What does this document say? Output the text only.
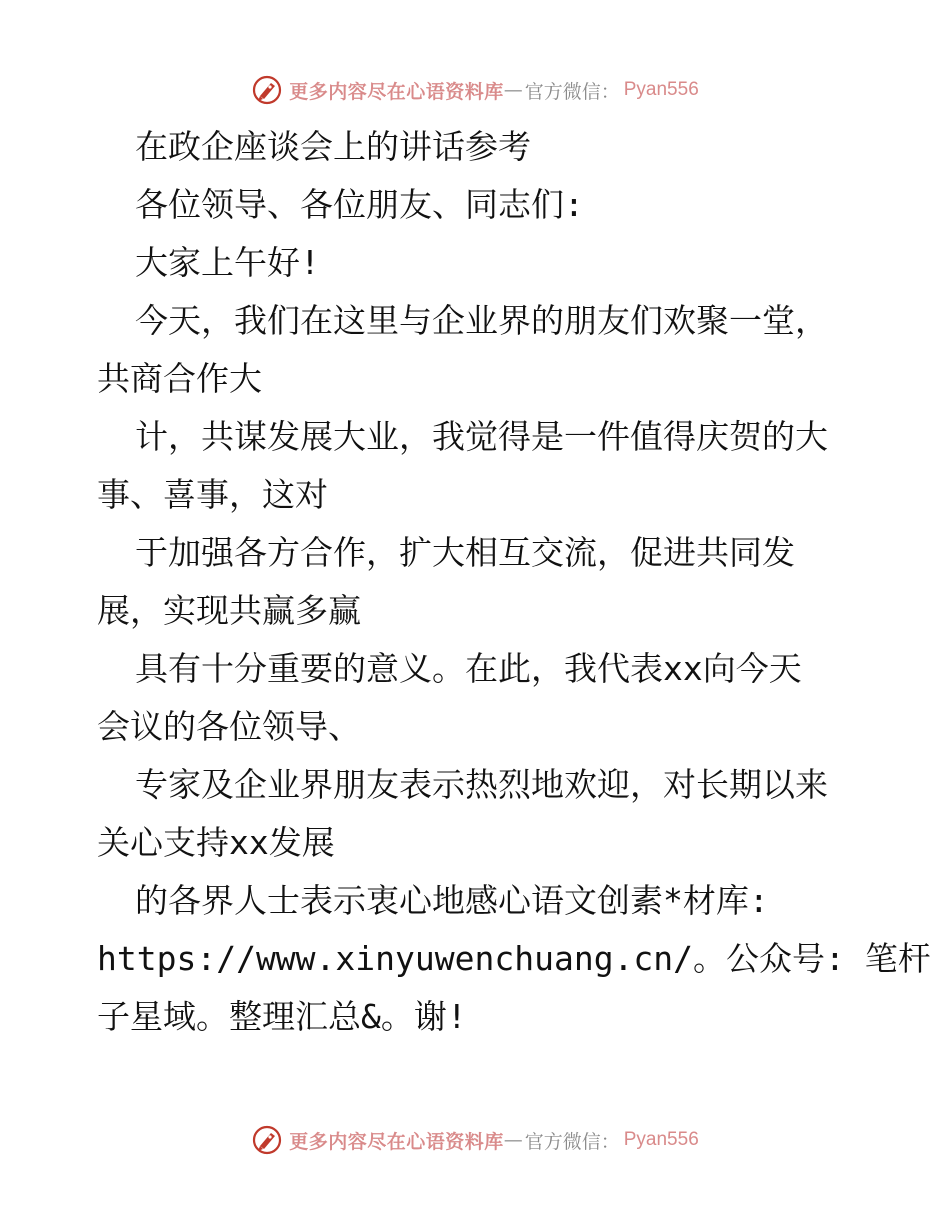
更多内容尽在心语资料库 — 官方微信： Pyan556
在政企座谈会上的讲话参考
各位领导、各位朋友、同志们:
大家上午好!
今天，我们在这里与企业界的朋友们欢聚一堂，
共商合作大
计，共谋发展大业，我觉得是一件值得庆贺的大
事、喜事，这对
于加强各方合作，扩大相互交流，促进共同发
展，实现共赢多赢
具有十分重要的意义。在此，我代表xx向今天
会议的各位领导、
专家及企业界朋友表示热烈地欢迎，对长期以来
关心支持xx发展
的各界人士表示衷心地感心语文创素*材库:
https://www.xinyuwenchuang.cn/。公众号: 笔杆
子星域。整理汇总&。谢!
更多内容尽在心语资料库 — 官方微信： Pyan556
